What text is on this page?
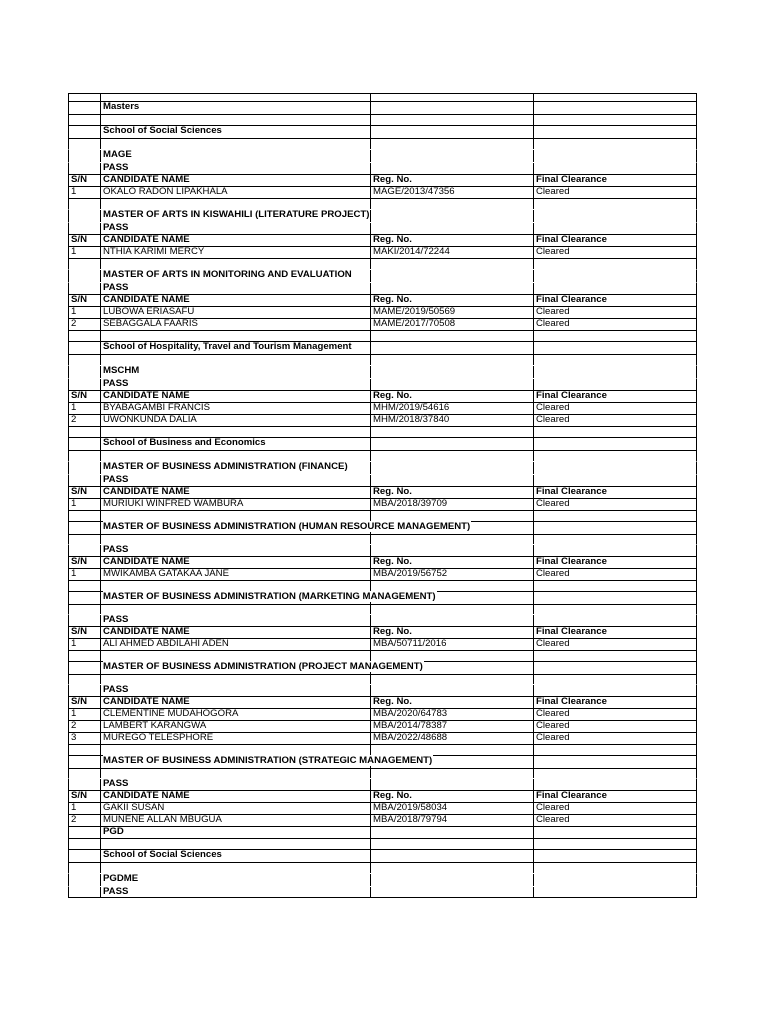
Masters
School of Social Sciences
MAGE
PASS
S/N	CANDIDATE NAME	Reg. No.	Final Clearance
1	OKALO RADON LIPAKHALA	MAGE/2013/47356	Cleared
MASTER OF ARTS IN KISWAHILI (LITERATURE PROJECT)
PASS
S/N	CANDIDATE NAME	Reg. No.	Final Clearance
1	NTHIA KARIMI MERCY	MAKI/2014/72244	Cleared
MASTER OF ARTS IN MONITORING AND EVALUATION
PASS
S/N	CANDIDATE NAME	Reg. No.	Final Clearance
1	LUBOWA ERIASAFU	MAME/2019/50569	Cleared
2	SEBAGGALA FAARIS	MAME/2017/70508	Cleared
School of Hospitality, Travel and Tourism Management
MSCHM
PASS
S/N	CANDIDATE NAME	Reg. No.	Final Clearance
1	BYABAGAMBI FRANCIS	MHM/2019/54616	Cleared
2	UWONKUNDA DALIA	MHM/2018/37840	Cleared
School of Business and Economics
MASTER OF BUSINESS ADMINISTRATION (FINANCE)
PASS
S/N	CANDIDATE NAME	Reg. No.	Final Clearance
1	MURIUKI WINFRED WAMBURA	MBA/2018/39709	Cleared
MASTER OF BUSINESS ADMINISTRATION (HUMAN RESOURCE MANAGEMENT)
PASS
S/N	CANDIDATE NAME	Reg. No.	Final Clearance
1	MWIKAMBA GATAKAA JANE	MBA/2019/56752	Cleared
MASTER OF BUSINESS ADMINISTRATION (MARKETING MANAGEMENT)
PASS
S/N	CANDIDATE NAME	Reg. No.	Final Clearance
1	ALI AHMED ABDILAHI ADEN	MBA/50711/2016	Cleared
MASTER OF BUSINESS ADMINISTRATION (PROJECT MANAGEMENT)
PASS
S/N	CANDIDATE NAME	Reg. No.	Final Clearance
1	CLEMENTINE MUDAHOGORA	MBA/2020/64783	Cleared
2	LAMBERT KARANGWA	MBA/2014/78387	Cleared
3	MUREGO TELESPHORE	MBA/2022/48688	Cleared
MASTER OF BUSINESS ADMINISTRATION (STRATEGIC MANAGEMENT)
PASS
S/N	CANDIDATE NAME	Reg. No.	Final Clearance
1	GAKII SUSAN	MBA/2019/58034	Cleared
2	MUNENE ALLAN MBUGUA	MBA/2018/79794	Cleared
PGD
School of Social Sciences
PGDME
PASS
